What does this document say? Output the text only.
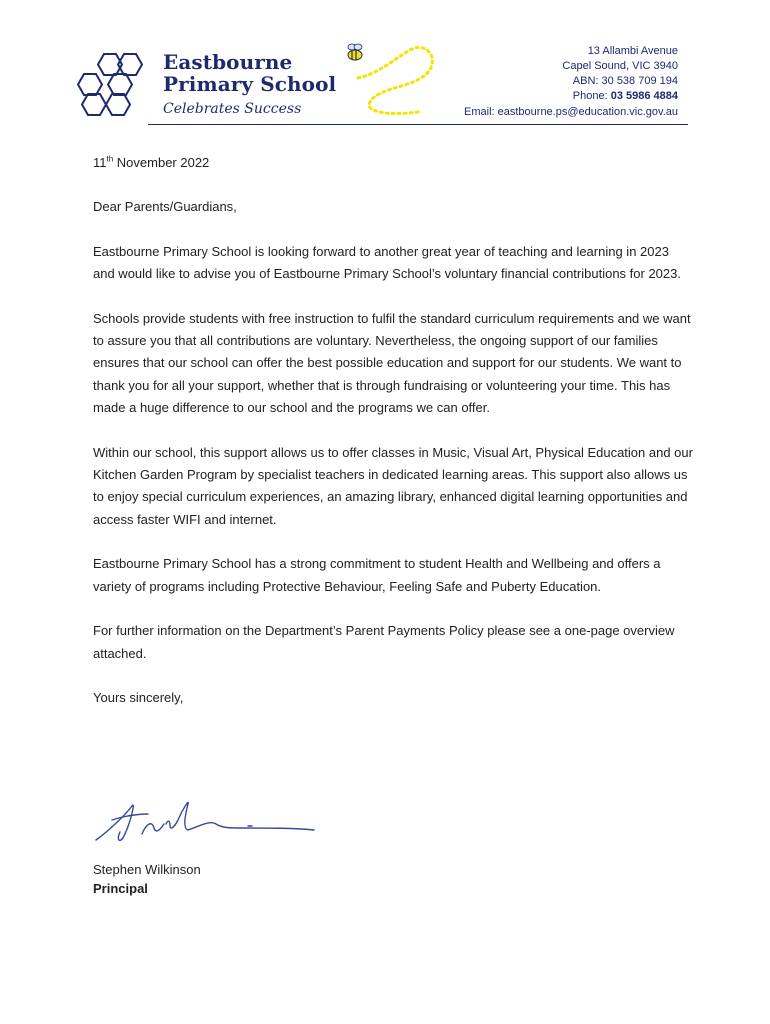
Eastbourne
Primary School
Celebrates Success
13 Allambi Avenue
Capel Sound, VIC 3940
ABN: 30 538 709 194
Phone: 03 5986 4884
Email: eastbourne.ps@education.vic.gov.au

11th November 2022

Dear Parents/Guardians,

Eastbourne Primary School is looking forward to another great year of teaching and learning in 2023 and would like to advise you of Eastbourne Primary School’s voluntary financial contributions for 2023.

Schools provide students with free instruction to fulfil the standard curriculum requirements and we want to assure you that all contributions are voluntary. Nevertheless, the ongoing support of our families ensures that our school can offer the best possible education and support for our students. We want to thank you for all your support, whether that is through fundraising or volunteering your time. This has made a huge difference to our school and the programs we can offer.

Within our school, this support allows us to offer classes in Music, Visual Art, Physical Education and our Kitchen Garden Program by specialist teachers in dedicated learning areas. This support also allows us to enjoy special curriculum experiences, an amazing library, enhanced digital learning opportunities and access faster WIFI and internet.

Eastbourne Primary School has a strong commitment to student Health and Wellbeing and offers a variety of programs including Protective Behaviour, Feeling Safe and Puberty Education.

For further information on the Department’s Parent Payments Policy please see a one-page overview attached.

Yours sincerely,

Stephen Wilkinson
Principal
